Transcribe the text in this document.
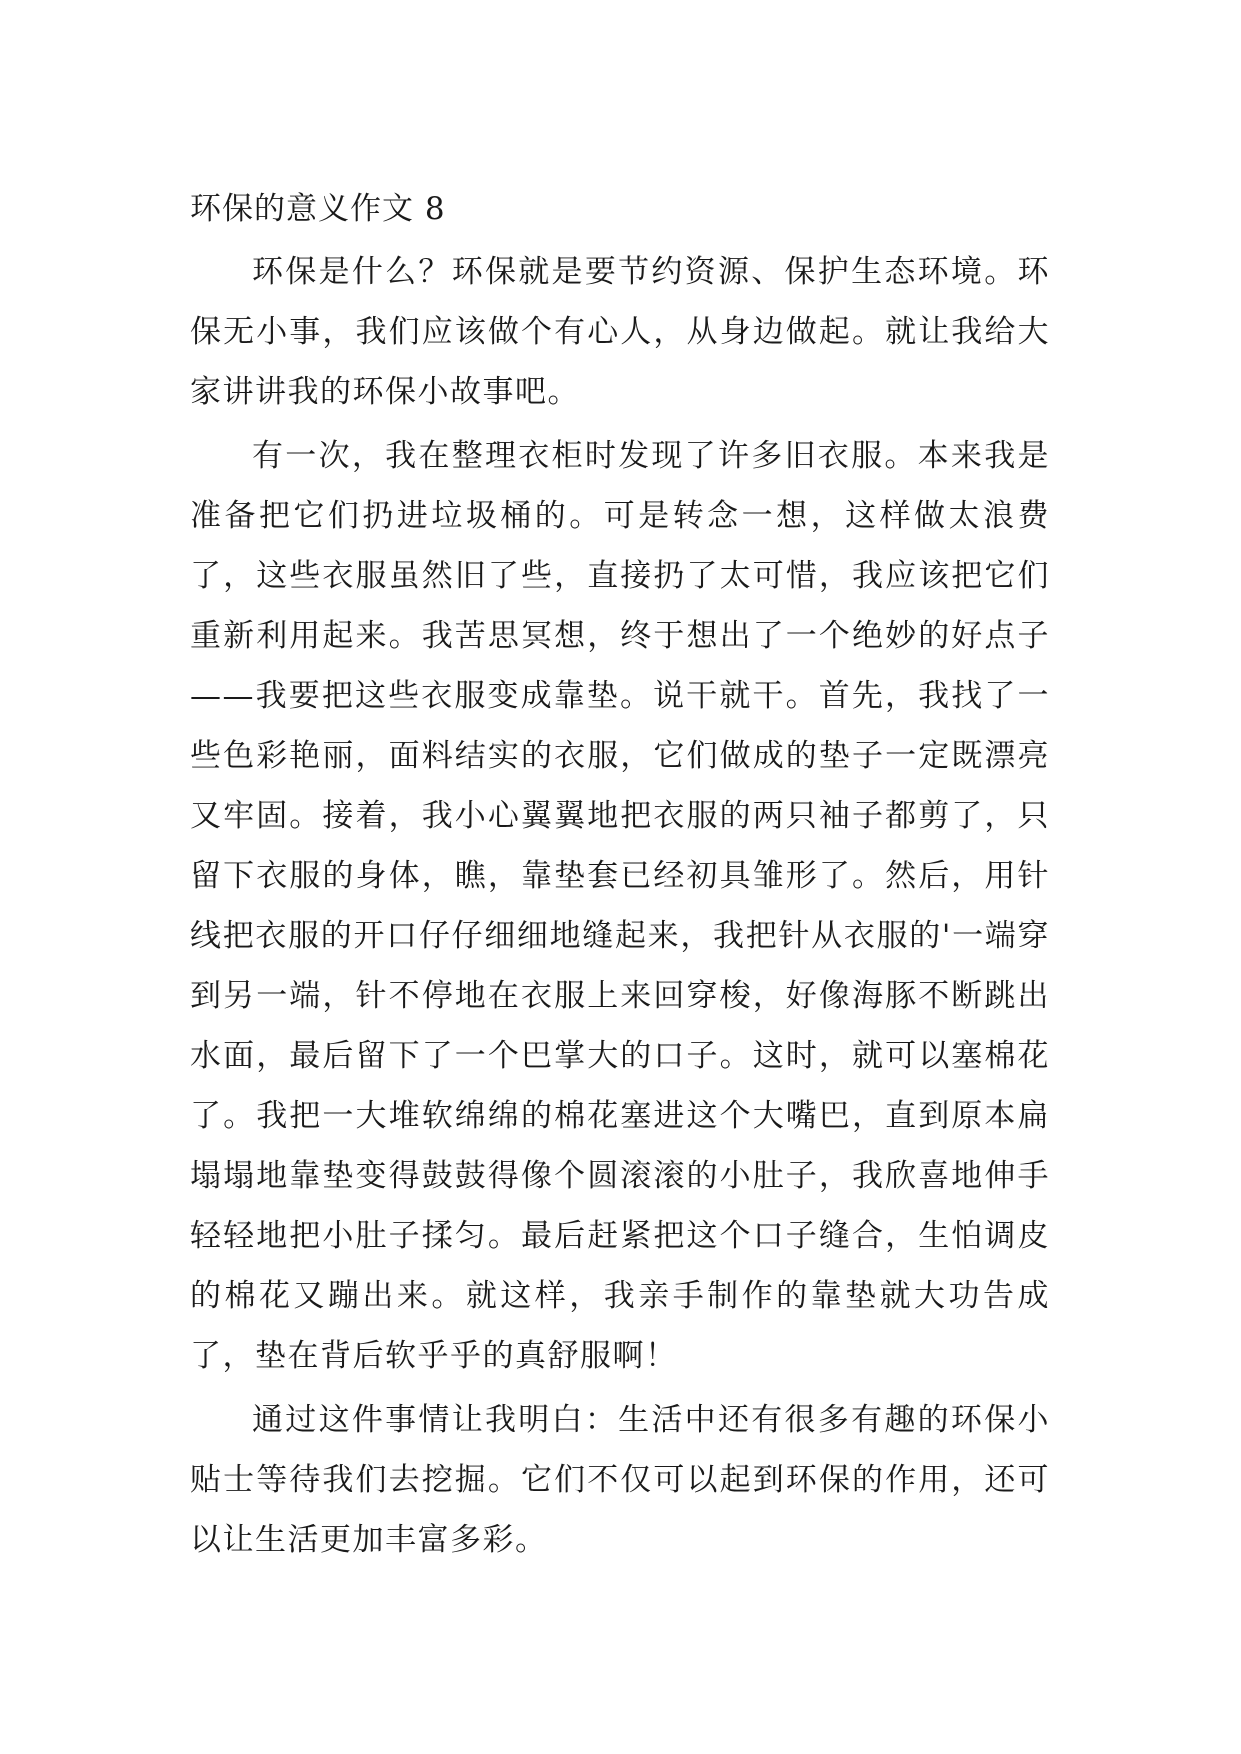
环保的意义作文 8

环保是什么？环保就是要节约资源、保护生态环境。环保无小事，我们应该做个有心人，从身边做起。就让我给大家讲讲我的环保小故事吧。

有一次，我在整理衣柜时发现了许多旧衣服。本来我是准备把它们扔进垃圾桶的。可是转念一想，这样做太浪费了，这些衣服虽然旧了些，直接扔了太可惜，我应该把它们重新利用起来。我苦思冥想，终于想出了一个绝妙的好点子——我要把这些衣服变成靠垫。说干就干。首先，我找了一些色彩艳丽，面料结实的衣服，它们做成的垫子一定既漂亮又牢固。接着，我小心翼翼地把衣服的两只袖子都剪了，只留下衣服的身体，瞧，靠垫套已经初具雏形了。然后，用针线把衣服的开口仔仔细细地缝起来，我把针从衣服的'一端穿到另一端，针不停地在衣服上来回穿梭，好像海豚不断跳出水面，最后留下了一个巴掌大的口子。这时，就可以塞棉花了。我把一大堆软绵绵的棉花塞进这个大嘴巴，直到原本扁塌塌地靠垫变得鼓鼓得像个圆滚滚的小肚子，我欣喜地伸手轻轻地把小肚子揉匀。最后赶紧把这个口子缝合，生怕调皮的棉花又蹦出来。就这样，我亲手制作的靠垫就大功告成了，垫在背后软乎乎的真舒服啊！

通过这件事情让我明白：生活中还有很多有趣的环保小贴士等待我们去挖掘。它们不仅可以起到环保的作用，还可以让生活更加丰富多彩。
